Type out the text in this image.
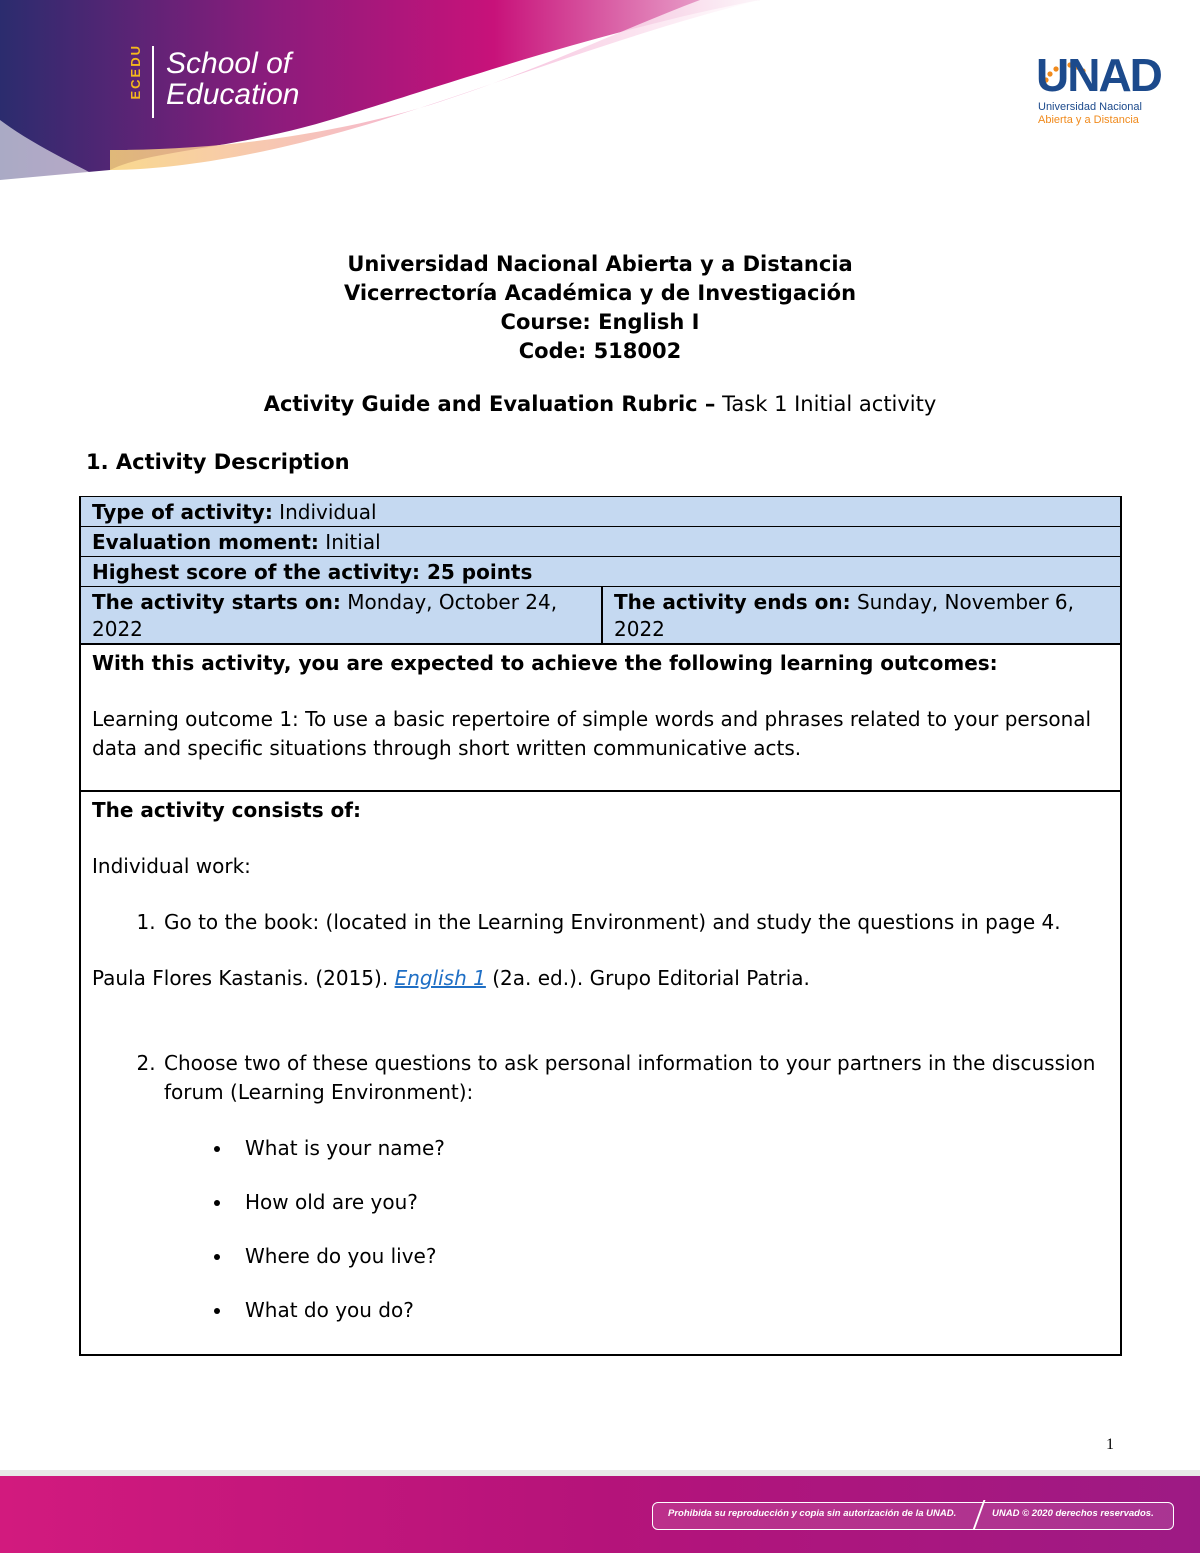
ECEDU School of
Education	UNAD
Universidad Nacional
Abierta y a Distancia
Universidad Nacional Abierta y a Distancia
Vicerrectoría Académica y de Investigación
Course: English I
Code: 518002
Activity Guide and Evaluation Rubric – Task 1 Initial activity
1. Activity Description
Type of activity: Individual
Evaluation moment: Initial
Highest score of the activity: 25 points
The activity starts on: Monday, October 24, 2022	The activity ends on: Sunday, November 6, 2022

With this activity, you are expected to achieve the following learning outcomes:

Learning outcome 1: To use a basic repertoire of simple words and phrases related to your personal data and specific situations through short written communicative acts.

The activity consists of:

Individual work:

1. Go to the book: (located in the Learning Environment) and study the questions in page 4.

Paula Flores Kastanis. (2015). English 1 (2a. ed.). Grupo Editorial Patria.

2. Choose two of these questions to ask personal information to your partners in the discussion forum (Learning Environment):
• What is your name?
• How old are you?
• Where do you live?
• What do you do?
1
Prohibida su reproducción y copia sin autorización de la UNAD.	UNAD © 2020 derechos reservados.
